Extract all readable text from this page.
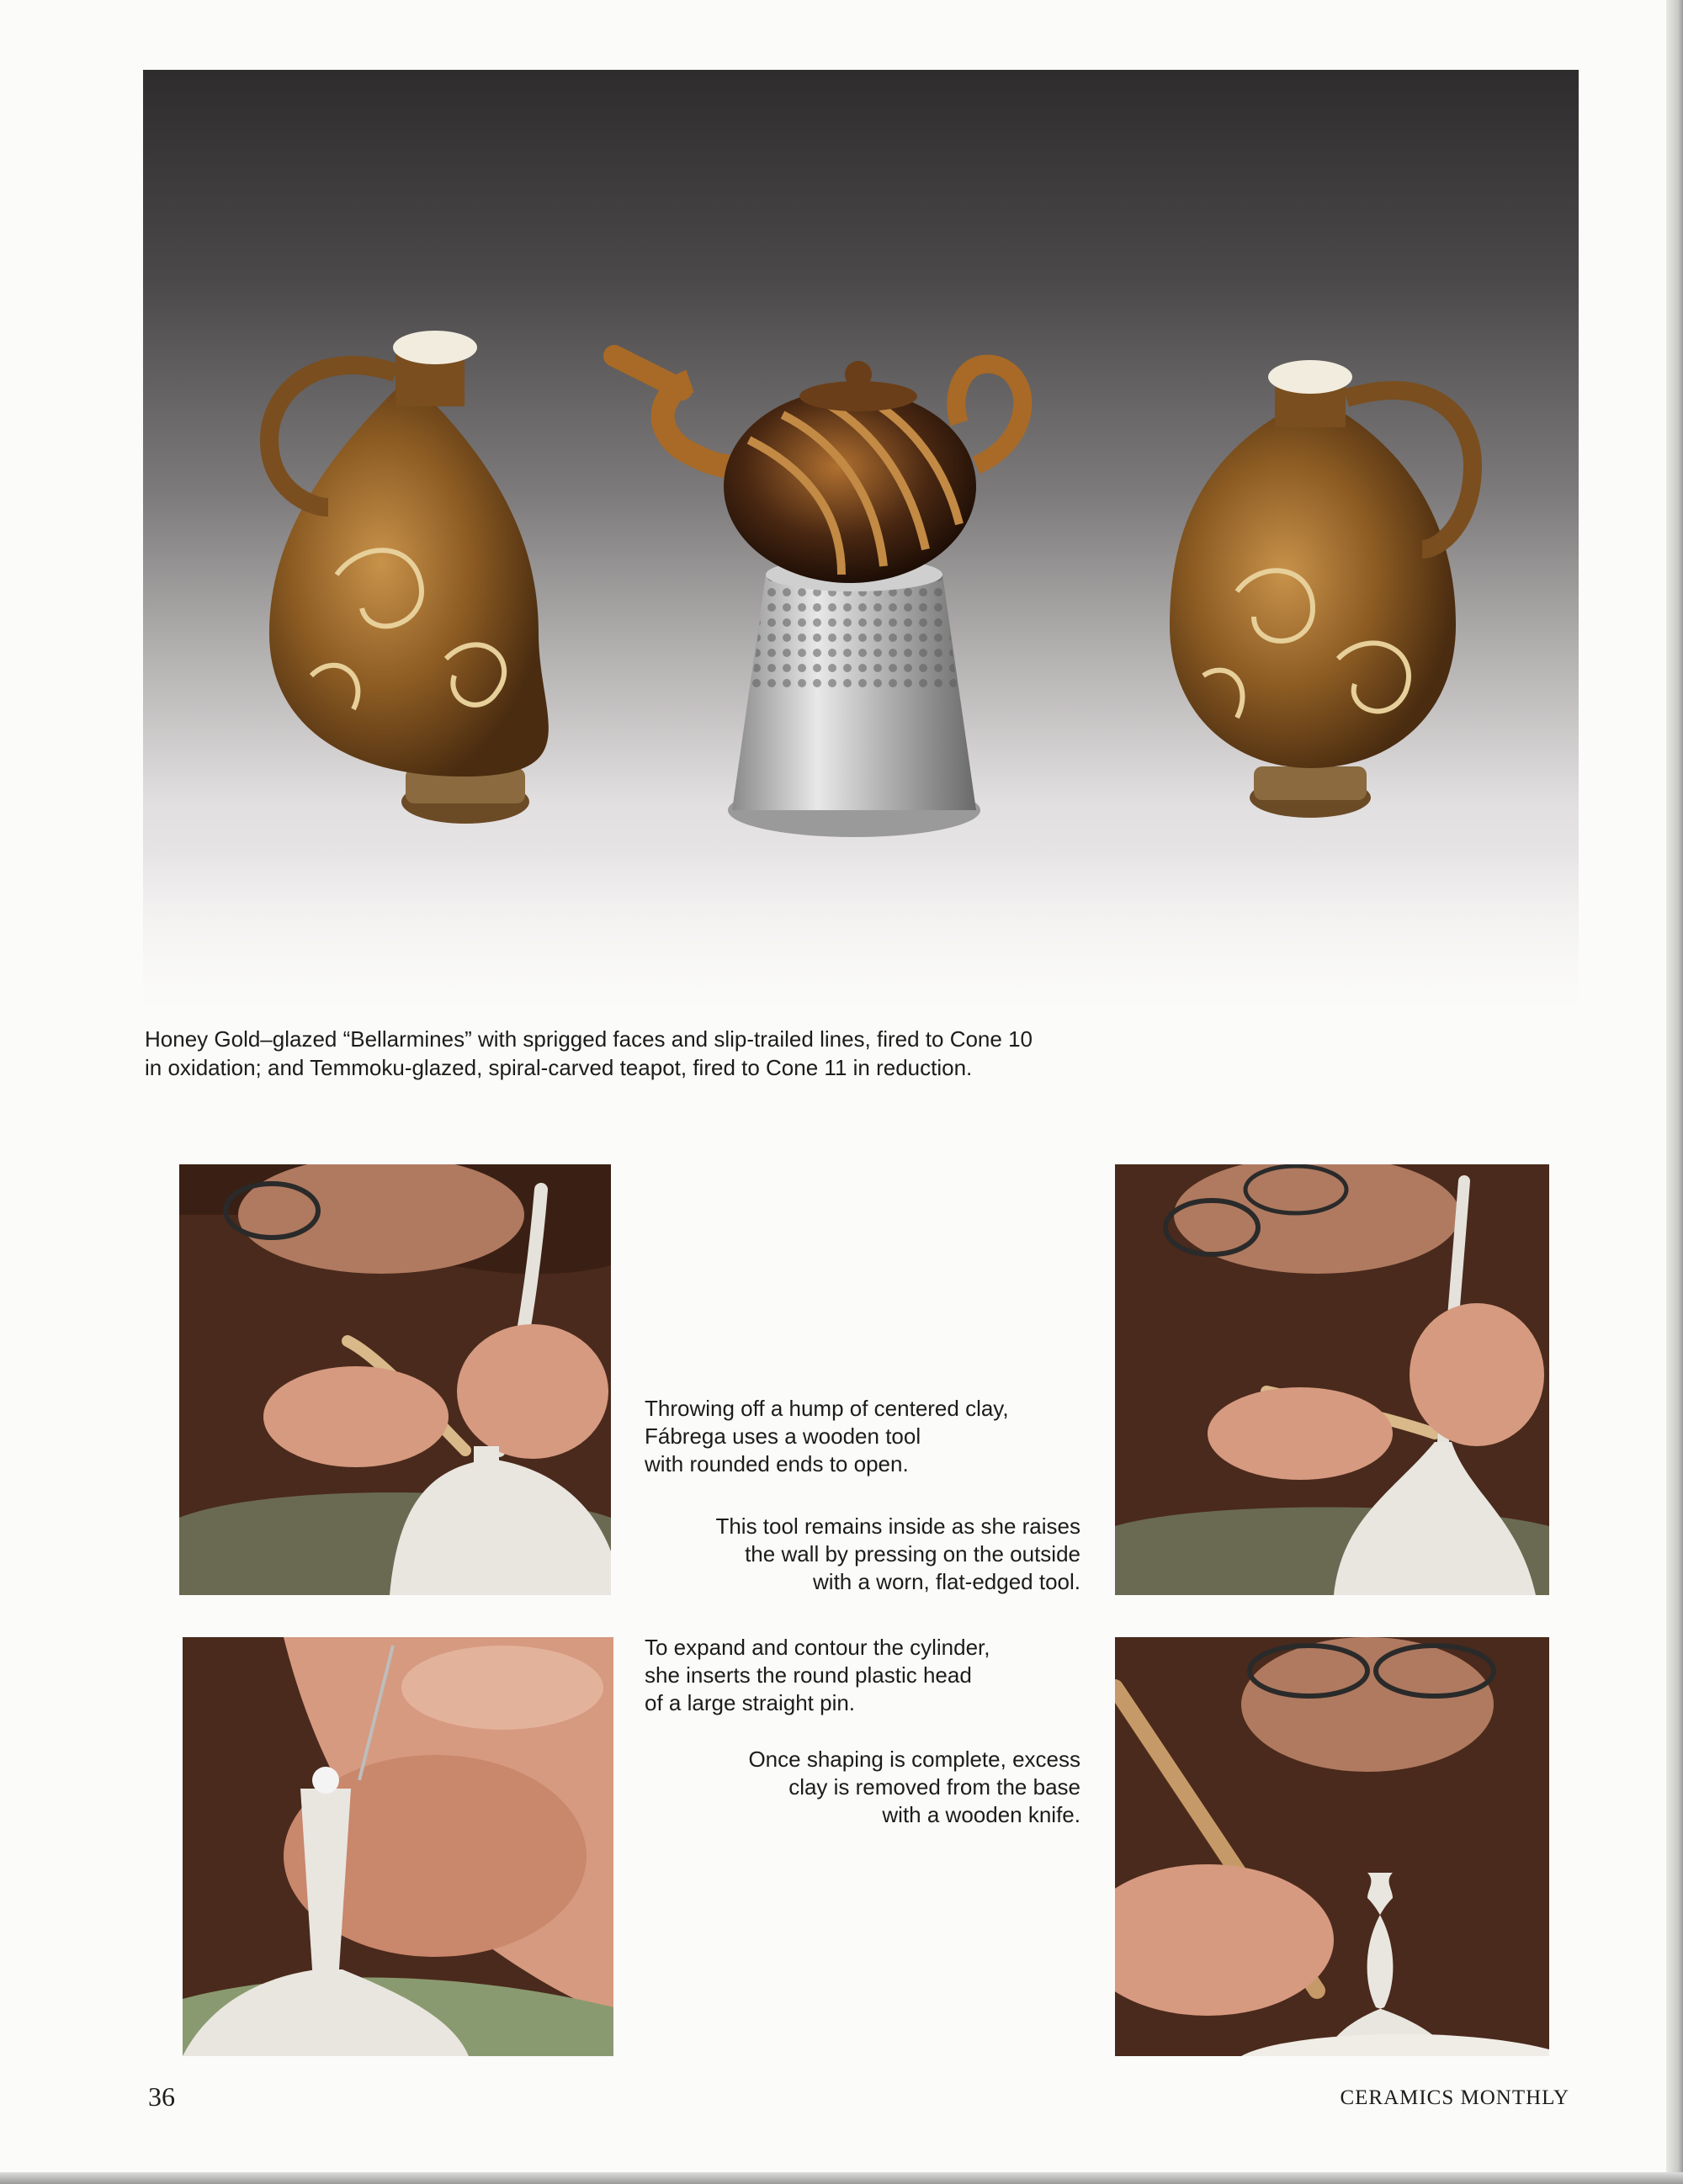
Honey Gold–glazed “Bellarmines” with sprigged faces and slip-trailed lines, fired to Cone 10
in oxidation; and Temmoku-glazed, spiral-carved teapot, fired to Cone 11 in reduction.
Throwing off a hump of centered clay,
Fábrega uses a wooden tool
with rounded ends to open.
This tool remains inside as she raises
the wall by pressing on the outside
with a worn, flat-edged tool.
To expand and contour the cylinder,
she inserts the round plastic head
of a large straight pin.
Once shaping is complete, excess
clay is removed from the base
with a wooden knife.
36	CERAMICS MONTHLY
